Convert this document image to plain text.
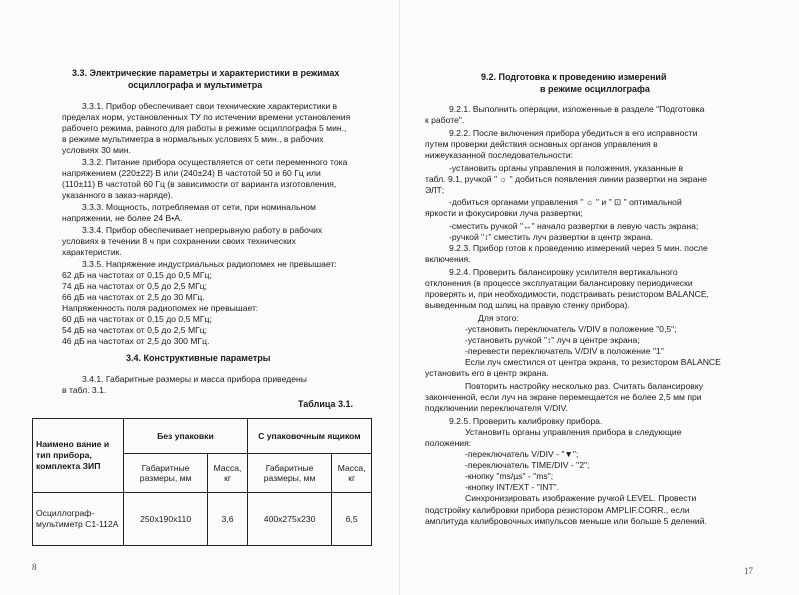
3.3. Электрические параметры и характеристики в режимах
осциллографа и мультиметра
3.3.1. Прибор обеспечивает свои технические характеристики в
пределах норм, установленных ТУ по истечении времени установления
рабочего режима, равного для работы в режиме осциллографа 5 мин.,
в режиме мультиметра в нормальных условиях 5 мин., в рабочих
условиях 30 мин.
3.3.2. Питание прибора осуществляется от сети переменного тока
напряжением (220±22) В или (240±24) В частотой 50 и 60 Гц или
(110±11) В частотой 60 Гц (в зависимости от варианта изготовления,
указанного в заказ-наряде).
3.3.3. Мощность, потребляемая от сети, при номинальном
напряжении, не более 24 В•А.
3.3.4. Прибор обеспечивает непрерывную работу в рабочих
условиях в течении 8 ч при сохранении своих технических
характеристик.
3.3.5. Напряжение индустриальных радиопомех не превышает:
62 дБ на частотах от 0,15 до 0,5 МГц;
74 дБ на частотах от 0,5 до 2,5 МГц;
66 дБ на частотах от 2,5 до 30 МГц.
Напряженность поля радиопомех не превышает:
60 дБ на частотах от 0,15 до 0,5 МГц;
54 дБ на частотах от 0,5 до 2,5 МГц;
46 дБ на частотах от 2,5 до 300 МГц.
3.4. Конструктивные параметры
3.4.1. Габаритные размеры и масса прибора приведены
в табл. 3.1.
Таблица 3.1.
Наимено вание и тип прибора, комплекта ЗИП	Без упаковки		С упаковочным ящиком	
	Габаритные размеры, мм	Масса, кг	Габаритные размеры, мм	Масса, кг
Осциллограф-мультиметр С1-112А	250x190x110	3,6	400x275x230	6,5
8
9.2. Подготовка к проведению измерений
в режиме осциллографа
9.2.1. Выполнить операции, изложенные в разделе "Подготовка
к работе".
9.2.2. После включения прибора убедиться в его исправности
путем проверки действия основных органов управления в
нижеуказанной последовательности:
-установить органы управления в положения, указанные в
табл. 9.1, ручкой " ☼ " добиться появления линии развертки на экране
ЭЛТ;
-добиться органами управления " ☼ " и " ⊡ " оптимальной
яркости и фокусировки луча развертки;
-сместить ручкой "↔" начало развертки в левую часть экрана;
-ручкой "↕" сместить луч развертки в центр экрана.
9.2.3. Прибор готов к проведению измерений через 5 мин. после
включения.
9.2.4. Проверить балансировку усилителя вертикального
отклонения (в процессе эксплуатации балансировку периодически
проверять и, при необходимости, подстраивать резистором BALANCE,
выведенным под шлиц на правую стенку прибора).
Для этого:
-установить переключатель V/DIV в положение "0,5";
-установить ручкой "↕" луч в центре экрана;
-перевести переключатель V/DIV в положение "1"
Если луч сместился от центра экрана, то резистором BALANCE
установить его в центр экрана.
Повторить настройку несколько раз. Считать балансировку
законченной, если луч на экране перемещается не более 2,5 мм при
подключении переключателя V/DIV.
9.2.5. Проверить калибровку прибора.
Установить органы управления прибора в следующие
положения:
-переключатель V/DIV - "▼";
-переключатель TIME/DIV - "2";
-кнопку "ms/µs" - "ms";
-кнопку INT/EXT - "INT".
Синхронизировать изображение ручкой LEVEL. Провести
подстройку калибровки прибора резистором AMPLIF.CORR., если
амплитуда калибровочных импульсов меньше или больше 5 делений.
17
